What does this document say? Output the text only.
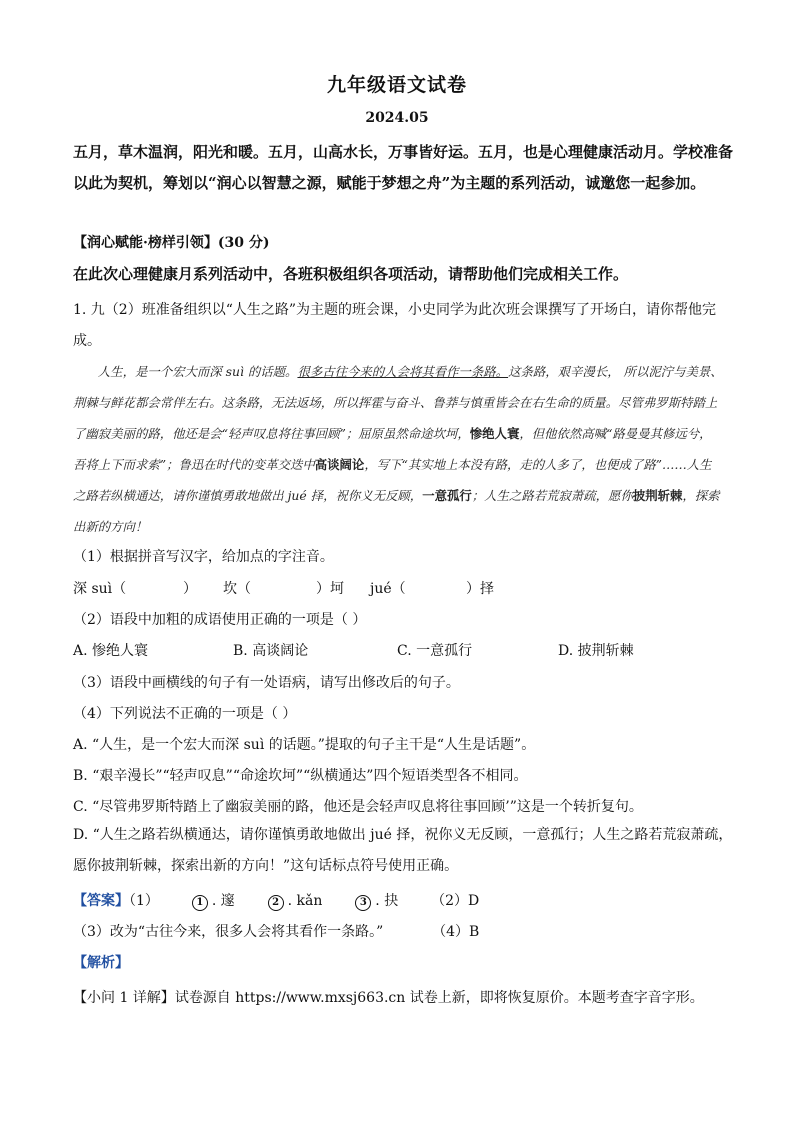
九年级语文试卷
2024.05
五月，草木温润，阳光和暖。五月，山高水长，万事皆好运。五月，也是心理健康活动月。学校准备以此为契机，筹划以“润心以智慧之源，赋能于梦想之舟”为主题的系列活动，诚邀您一起参加。
【润心赋能·榜样引领】(30 分)
在此次心理健康月系列活动中，各班积极组织各项活动，请帮助他们完成相关工作。
1. 九（2）班准备组织以“人生之路”为主题的班会课，小史同学为此次班会课撰写了开场白，请你帮他完成。
人生，是一个宏大而深 suì 的话题。很多古往今来的人会将其看作一条路。这条路，艰辛漫长， 所以泥泞与美景、荆棘与鲜花都会常伴左右。这条路，无法返场，所以挥霍与奋斗、鲁莽与慎重皆会在右生命的质量。尽管弗罗斯特踏上了幽寂美丽的路，他还是会“轻声叹息将往事回顾”；屈原虽然命途坎坷，惨绝人寰，但他依然高喊“路曼曼其修远兮，吾将上下而求索”；鲁迅在时代的变革交迭中高谈阔论，写下“其实地上本没有路，走的人多了，也便成了路”……人生之路若纵横通达，请你谨慎勇敢地做出 jué 择，祝你义无反顾，一意孤行；人生之路若荒寂萧疏，愿你披荆斩棘，探索出新的方向！
（1）根据拼音写汉字，给加点的字注音。
深 suì（	） 坎（	）坷 jué（	）择
（2）语段中加粗的成语使用正确的一项是（ ）
A. 惨绝人寰	B. 高谈阔论	C. 一意孤行	D. 披荆斩棘
（3）语段中画横线的句子有一处语病，请写出修改后的句子。
（4）下列说法不正确的一项是（ ）
A. “人生，是一个宏大而深 suì 的话题。”提取的句子主干是“人生是话题”。
B. “艰辛漫长”“轻声叹息”“命途坎坷”“纵横通达”四个短语类型各不相同。
C. “尽管弗罗斯特踏上了幽寂美丽的路，他还是会轻声叹息将往事回顾’”这是一个转折复句。
D. “人生之路若纵横通达，请你谨慎勇敢地做出 jué 择，祝你义无反顾，一意孤行；人生之路若荒寂萧疏，愿你披荆斩棘，探索出新的方向！”这句话标点符号使用正确。
【答案】（1）	1 . 邃	2 . kǎn	3 . 抉 （2）D
（3）改为“古往今来，很多人会将其看作一条路。”	（4）B
【解析】
【小问 1 详解】试卷源自 https://www.mxsj663.cn 试卷上新，即将恢复原价。本题考查字音字形。
